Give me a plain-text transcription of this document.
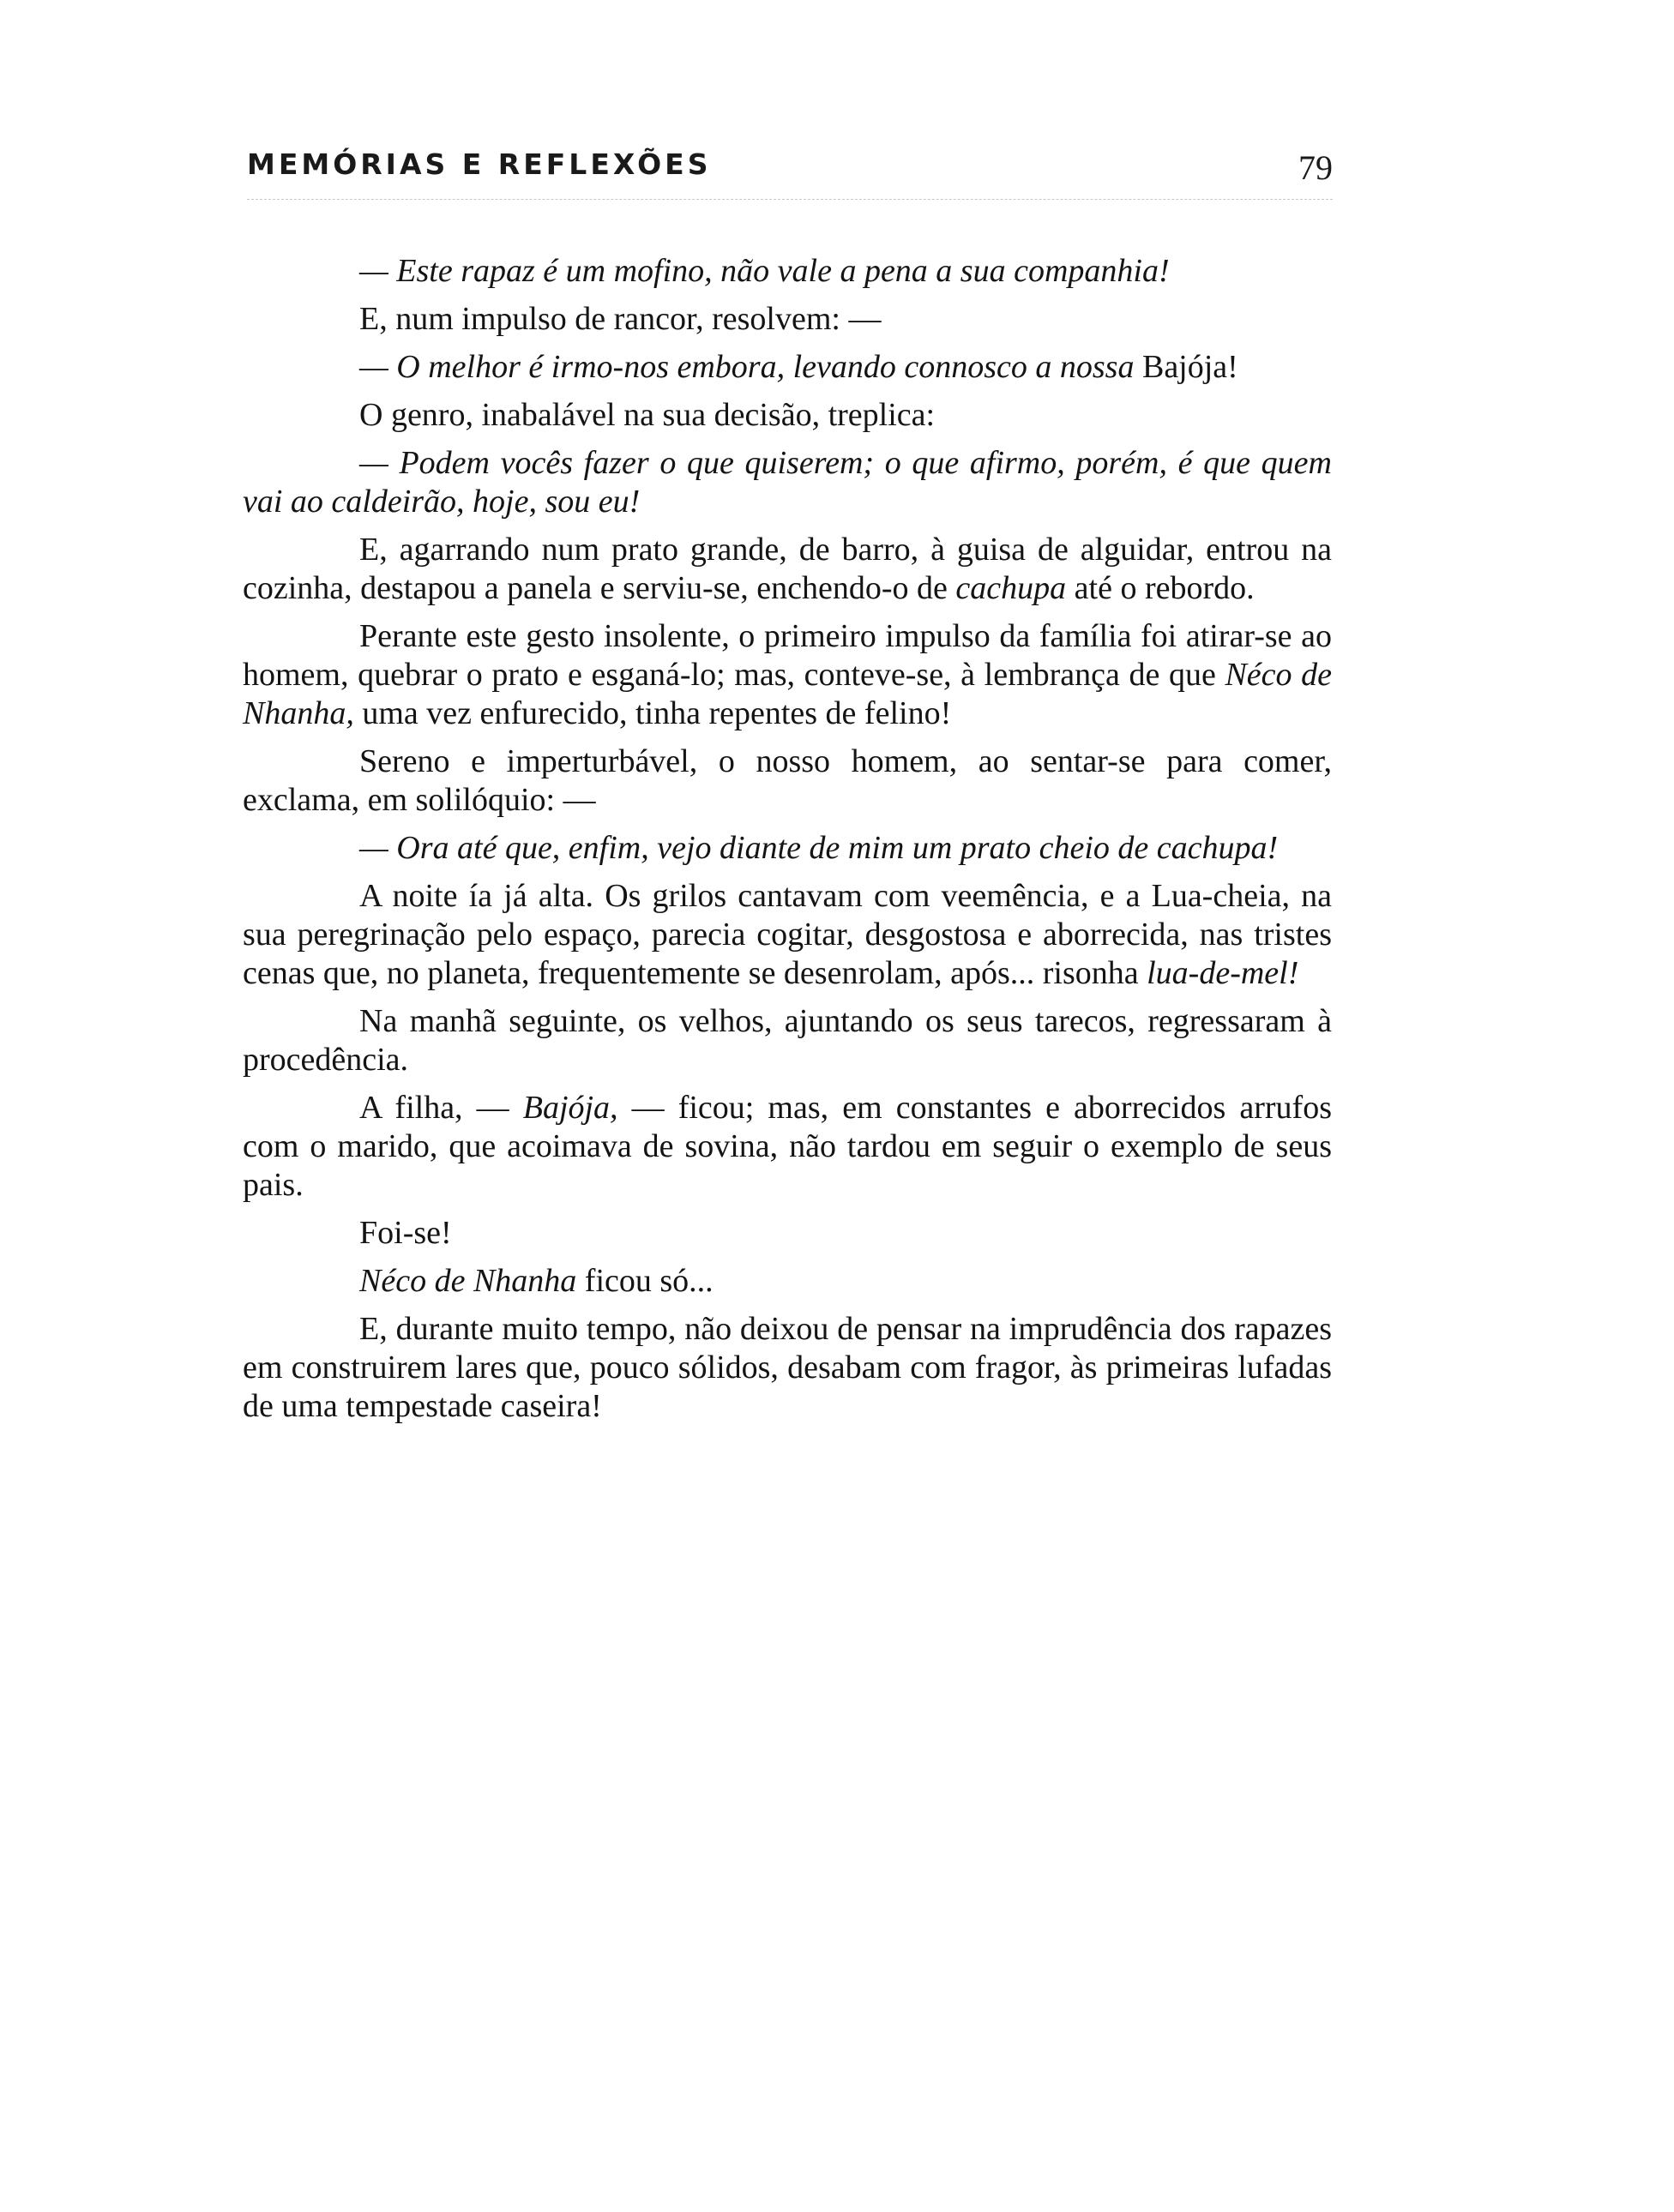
MEMÓRIAS E REFLEXÕES	79

— Este rapaz é um mofino, não vale a pena a sua companhia!

E, num impulso de rancor, resolvem: —

— O melhor é irmo-nos embora, levando connosco a nossa Bajója!

O genro, inabalável na sua decisão, treplica:

— Podem vocês fazer o que quiserem; o que afirmo, porém, é que quem vai ao caldeirão, hoje, sou eu!

E, agarrando num prato grande, de barro, à guisa de alguidar, entrou na cozinha, destapou a panela e serviu-se, enchendo-o de cachupa até o rebordo.

Perante este gesto insolente, o primeiro impulso da família foi atirar-se ao homem, quebrar o prato e esganá-lo; mas, conteve-se, à lembrança de que Néco de Nhanha, uma vez enfurecido, tinha repentes de felino!

Sereno e imperturbável, o nosso homem, ao sentar-se para comer, exclama, em solilóquio: —

— Ora até que, enfim, vejo diante de mim um prato cheio de cachupa!

A noite ía já alta. Os grilos cantavam com veemência, e a Lua-cheia, na sua peregrinação pelo espaço, parecia cogitar, desgostosa e aborrecida, nas tristes cenas que, no planeta, frequentemente se desenrolam, após... risonha lua-de-mel!

Na manhã seguinte, os velhos, ajuntando os seus tarecos, regressaram à procedência.

A filha, — Bajója, — ficou; mas, em constantes e aborrecidos arrufos com o marido, que acoimava de sovina, não tardou em seguir o exemplo de seus pais.

Foi-se!

Néco de Nhanha ficou só...

E, durante muito tempo, não deixou de pensar na imprudência dos rapazes em construirem lares que, pouco sólidos, desabam com fragor, às primeiras lufadas de uma tempestade caseira!
